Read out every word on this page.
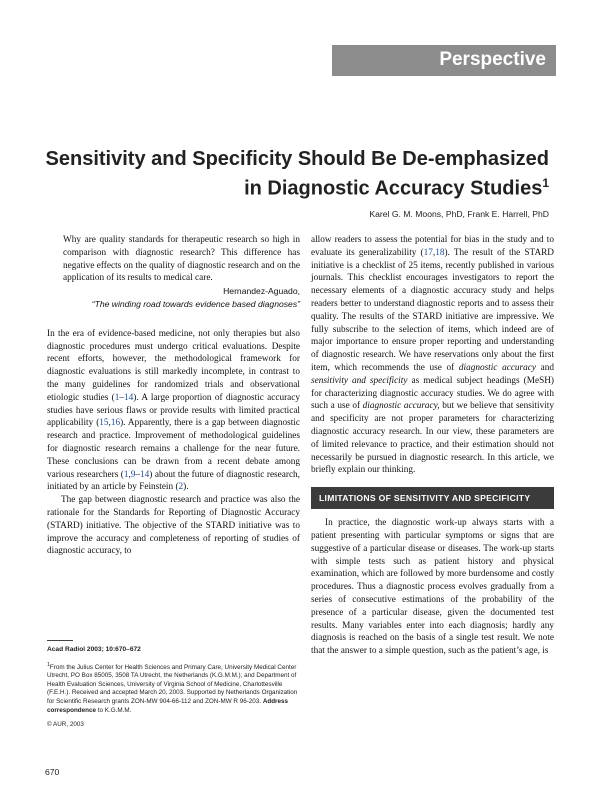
Perspective
Sensitivity and Specificity Should Be De-emphasized in Diagnostic Accuracy Studies$^1$
Karel G. M. Moons, PhD, Frank E. Harrell, PhD

Why are quality standards for therapeutic research so high in comparison with diagnostic research? This difference has negative effects on the quality of diagnostic research and on the application of its results to medical care.

Hernandez-Aguado,
“The winding road towards evidence based diagnoses”

In the era of evidence-based medicine, not only therapies but also diagnostic procedures must undergo critical evaluations. Despite recent efforts, however, the methodological framework for diagnostic evaluations is still markedly incomplete, in contrast to the many guidelines for randomized trials and observational etiologic studies (1–14). A large proportion of diagnostic accuracy studies have serious flaws or provide results with limited practical applicability (15,16). Apparently, there is a gap between diagnostic research and practice. Improvement of methodological guidelines for diagnostic research remains a challenge for the near future. These conclusions can be drawn from a recent debate among various researchers (1,9–14) about the future of diagnostic research, initiated by an article by Feinstein (2).

The gap between diagnostic research and practice was also the rationale for the Standards for Reporting of Diagnostic Accuracy (STARD) initiative. The objective of the STARD initiative was to improve the accuracy and completeness of reporting of studies of diagnostic accuracy, to

allow readers to assess the potential for bias in the study and to evaluate its generalizability (17,18). The result of the STARD initiative is a checklist of 25 items, recently published in various journals. This checklist encourages investigators to report the necessary elements of a diagnostic accuracy study and helps readers better to understand diagnostic reports and to assess their quality. The results of the STARD initiative are impressive. We fully subscribe to the selection of items, which indeed are of major importance to ensure proper reporting and understanding of diagnostic research. We have reservations only about the first item, which recommends the use of diagnostic accuracy and sensitivity and specificity as medical subject headings (MeSH) for characterizing diagnostic accuracy studies. We do agree with such a use of diagnostic accuracy, but we believe that sensitivity and specificity are not proper parameters for characterizing diagnostic accuracy research. In our view, these parameters are of limited relevance to practice, and their estimation should not necessarily be pursued in diagnostic research. In this article, we briefly explain our thinking.

LIMITATIONS OF SENSITIVITY AND SPECIFICITY

In practice, the diagnostic work-up always starts with a patient presenting with particular symptoms or signs that are suggestive of a particular disease or diseases. The work-up starts with simple tests such as patient history and physical examination, which are followed by more burdensome and costly procedures. Thus a diagnostic process evolves gradually from a series of consecutive estimations of the probability of the presence of a particular disease, given the documented test results. Many variables enter into each diagnosis; hardly any diagnosis is reached on the basis of a single test result. We note that the answer to a simple question, such as the patient’s age, is

Acad Radiol 2003; 10:670–672
$^1$From the Julius Center for Health Sciences and Primary Care, University Medical Center Utrecht, PO Box 85005, 3508 TA Utrecht, the Netherlands (K.G.M.M.); and Department of Health Evaluation Sciences, University of Virginia School of Medicine, Charlottesville (F.E.H.). Received and accepted March 20, 2003. Supported by Netherlands Organization for Scientific Research grants ZON-MW 904-66-112 and ZON-MW R 96-203. Address correspondence to K.G.M.M.
© AUR, 2003
670
